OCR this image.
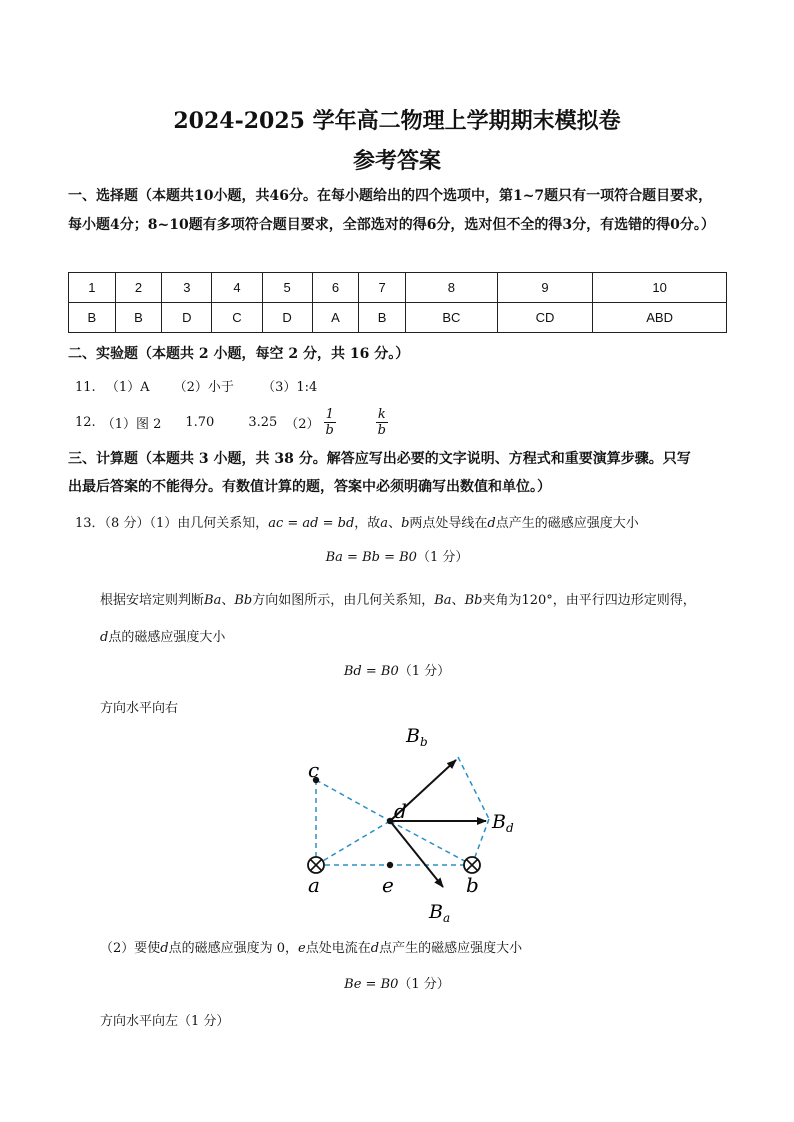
2024-2025 学年高二物理上学期期末模拟卷
参考答案
一、选择题（本题共10小题，共46分。在每小题给出的四个选项中，第1~7题只有一项符合题目要求，
每小题4分；8~10题有多项符合题目要求，全部选对的得6分，选对但不全的得3分，有选错的得0分。）
1	2	3	4	5	6	7	8	9	10
B	B	D	C	D	A	B	BC	CD	ABD
二、实验题（本题共 2 小题，每空 2 分，共 16 分。）
11. （1）A （2）小于 （3）1:4
12. （1）图 2 1.70	3.25 $(2) \frac{1}{b}$	$\frac{k}{b}$
三、计算题（本题共 3 小题，共 38 分。解答应写出必要的文字说明、方程式和重要演算步骤。只写
出最后答案的不能得分。有数值计算的题，答案中必须明确写出数值和单位。）
13．（8 分）（1）由几何关系知，ac = ad = bd，故a、b两点处导线在d点产生的磁感应强度大小
Ba = Bb = B0（1 分）
根据安培定则判断Ba、Bb方向如图所示，由几何关系知，Ba、Bb夹角为120°，由平行四边形定则得，
d点的磁感应强度大小
Bd = B0（1 分）
方向水平向右
c
d
a	e	b
$B_b$
$B_d$
$B_a$
（2）要使d点的磁感应强度为 0，e点处电流在d点产生的磁感应强度大小
Be = B0（1 分）
方向水平向左（1 分）
